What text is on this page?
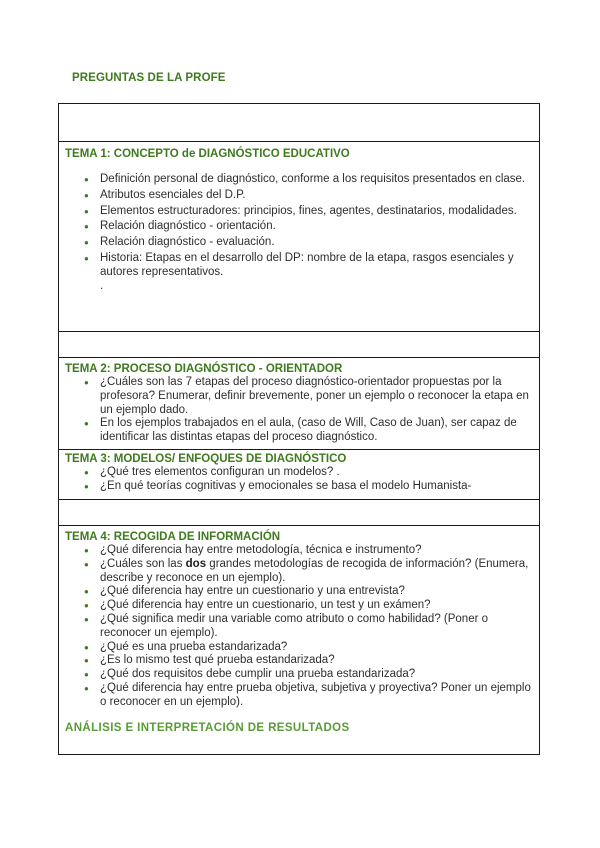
PREGUNTAS DE LA PROFE

TEMA 1: CONCEPTO de DIAGNÓSTICO EDUCATIVO
● Definición personal de diagnóstico, conforme a los requisitos presentados en clase.
● Atributos esenciales del D.P.
● Elementos estructuradores: principios, fines, agentes, destinatarios, modalidades.
● Relación diagnóstico - orientación.
● Relación diagnóstico - evaluación.
● Historia: Etapas en el desarrollo del DP: nombre de la etapa, rasgos esenciales y autores representativos.
.

TEMA 2: PROCESO DIAGNÓSTICO - ORIENTADOR
● ¿Cuáles son las 7 etapas del proceso diagnóstico-orientador propuestas por la profesora? Enumerar, definir brevemente, poner un ejemplo o reconocer la etapa en un ejemplo dado.
● En los ejemplos trabajados en el aula, (caso de Will, Caso de Juan), ser capaz de identificar las distintas etapas del proceso diagnóstico.

TEMA 3: MODELOS/ ENFOQUES DE DIAGNÓSTICO
● ¿Qué tres elementos configuran un modelos? .
● ¿En qué teorías cognitivas y emocionales se basa el modelo Humanista-

TEMA 4: RECOGIDA DE INFORMACIÓN
● ¿Qué diferencia hay entre metodología, técnica e instrumento?
● ¿Cuáles son las dos grandes metodologías de recogida de información? (Enumera, describe y reconoce en un ejemplo).
● ¿Qué diferencia hay entre un cuestionario y una entrevista?
● ¿Qué diferencia hay entre un cuestionario, un test y un exámen?
● ¿Qué significa medir una variable como atributo o como habilidad? (Poner o reconocer un ejemplo).
● ¿Qué es una prueba estandarizada?
● ¿Es lo mismo test qué prueba estandarizada?
● ¿Qué dos requisitos debe cumplir una prueba estandarizada?
● ¿Qué diferencia hay entre prueba objetiva, subjetiva y proyectiva? Poner un ejemplo o reconocer en un ejemplo).
ANÁLISIS E INTERPRETACIÓN DE RESULTADOS
